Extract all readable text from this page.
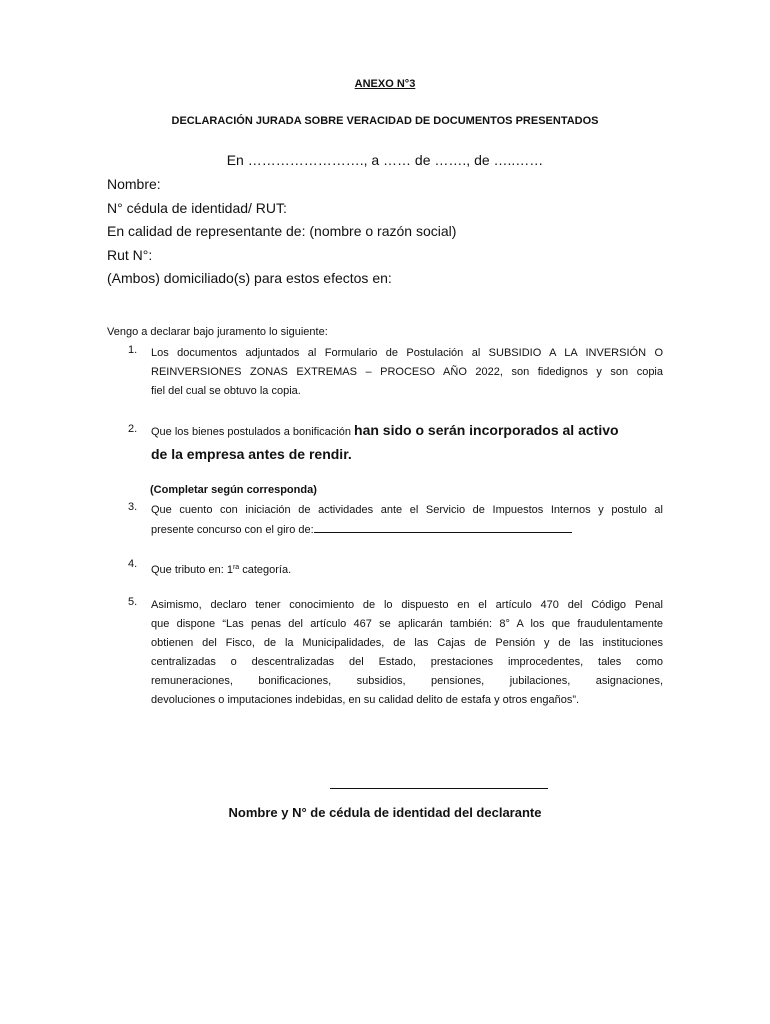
ANEXO N°3
DECLARACIÓN JURADA SOBRE VERACIDAD DE DOCUMENTOS PRESENTADOS
En ……………………., a …… de ……., de …..……
Nombre:
N° cédula de identidad/ RUT:
En calidad de representante de: (nombre o razón social)
Rut N°:
(Ambos) domiciliado(s) para estos efectos en:
Vengo a declarar bajo juramento lo siguiente:
1. Los documentos adjuntados al Formulario de Postulación al SUBSIDIO A LA INVERSIÓN O
REINVERSIONES ZONAS EXTREMAS – PROCESO AÑO 2022, son fidedignos y son copia
fiel del cual se obtuvo la copia.
2. Que los bienes postulados a bonificación han sido o serán incorporados al activo
de la empresa antes de rendir.
(Completar según corresponda)
3. Que cuento con iniciación de actividades ante el Servicio de Impuestos Internos y postulo al
presente concurso con el giro de:
4. Que tributo en: $1^{ra}$ categoría.
5. Asimismo, declaro tener conocimiento de lo dispuesto en el artículo 470 del Código Penal
que dispone “Las penas del artículo 467 se aplicarán también: 8° A los que fraudulentamente
obtienen del Fisco, de la Municipalidades, de las Cajas de Pensión y de las instituciones
centralizadas o descentralizadas del Estado, prestaciones improcedentes, tales como
remuneraciones, bonificaciones, subsidios, pensiones, jubilaciones, asignaciones,
devoluciones o imputaciones indebidas, en su calidad delito de estafa y otros engaños”.
Nombre y N° de cédula de identidad del declarante
